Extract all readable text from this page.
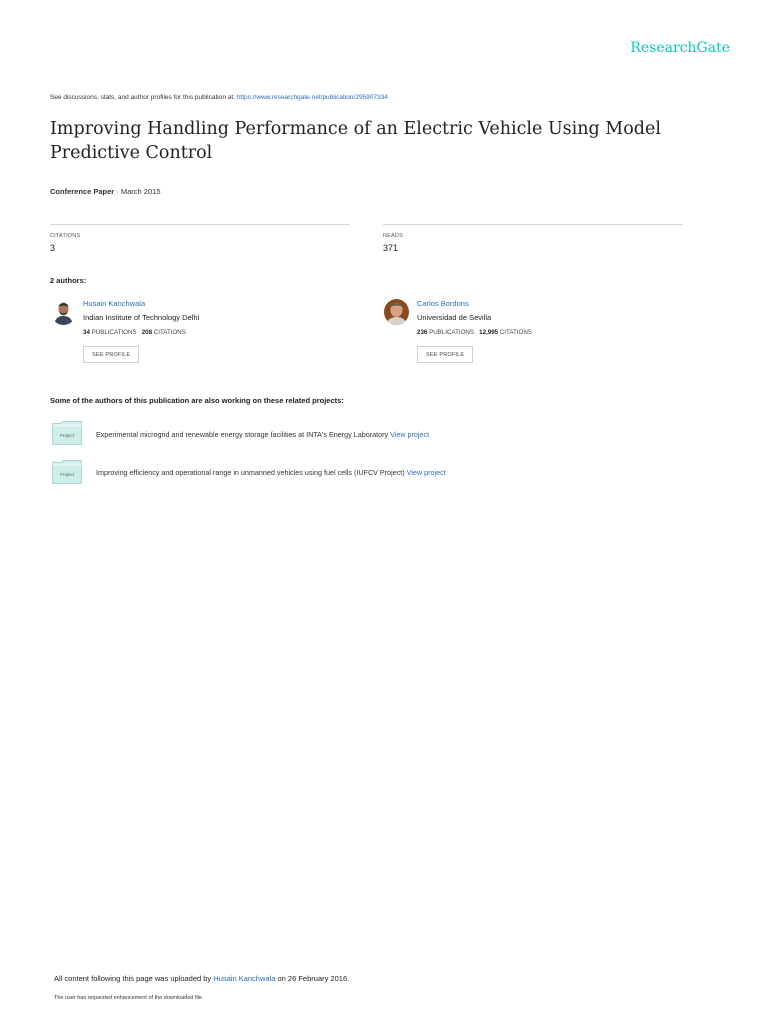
ResearchGate
See discussions, stats, and author profiles for this publication at: https://www.researchgate.net/publication/295907334
Improving Handling Performance of an Electric Vehicle Using Model Predictive Control
Conference Paper · March 2015
CITATIONS
3
READS
371
2 authors:
Husain Kanchwala
Indian Institute of Technology Delhi
34 PUBLICATIONS 208 CITATIONS
SEE PROFILE
Carlos Bordons
Universidad de Sevilla
236 PUBLICATIONS 12,995 CITATIONS
SEE PROFILE
Some of the authors of this publication are also working on these related projects:
Project	Experimental microgrid and renewable energy storage facilities at INTA's Energy Laboratory View project
Project	Improving efficiency and operational range in unmanned vehicles using fuel cells (IUFCV Project) View project
All content following this page was uploaded by Husain Kanchwala on 26 February 2016.
The user has requested enhancement of the downloaded file.
